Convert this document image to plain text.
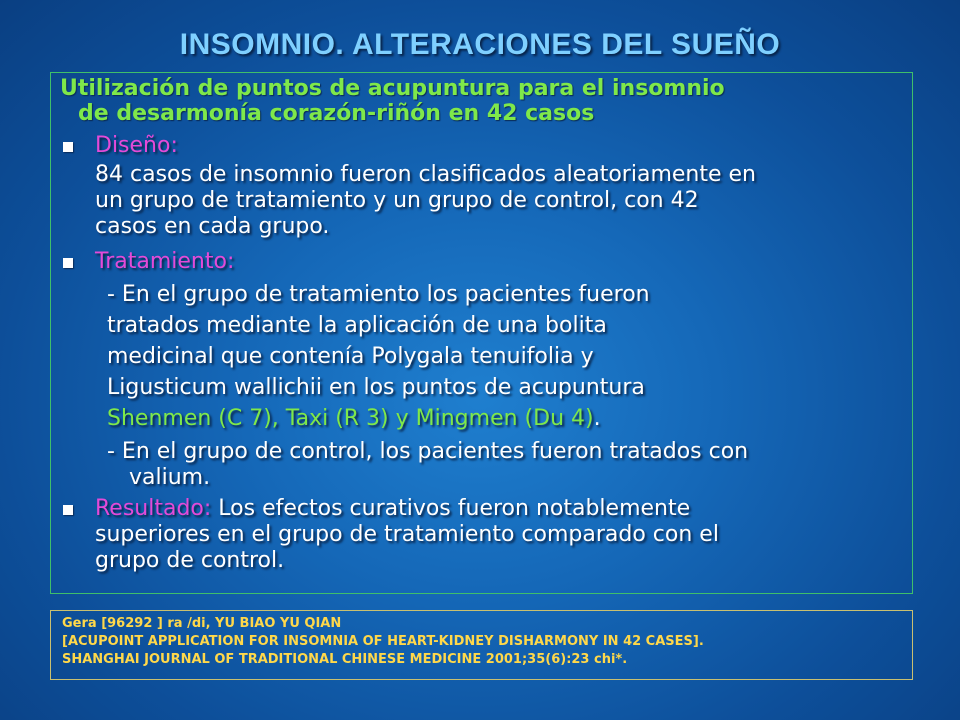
INSOMNIO. ALTERACIONES DEL SUEÑO
Utilización de puntos de acupuntura para el insomnio
de desarmonía corazón-riñón en 42 casos
Diseño:
84 casos de insomnio fueron clasificados aleatoriamente en
un grupo de tratamiento y un grupo de control, con 42
casos en cada grupo.
Tratamiento:
- En el grupo de tratamiento los pacientes fueron
tratados mediante la aplicación de una bolita
medicinal que contenía Polygala tenuifolia y
Ligusticum wallichii en los puntos de acupuntura
Shenmen (C 7), Taxi (R 3) y Mingmen (Du 4).
- En el grupo de control, los pacientes fueron tratados con
valium.
Resultado: Los efectos curativos fueron notablemente
superiores en el grupo de tratamiento comparado con el
grupo de control.
Gera [96292 ] ra /di, YU BIAO YU QIAN
[ACUPOINT APPLICATION FOR INSOMNIA OF HEART-KIDNEY DISHARMONY IN 42 CASES].
SHANGHAI JOURNAL OF TRADITIONAL CHINESE MEDICINE 2001;35(6):23 chi*.
